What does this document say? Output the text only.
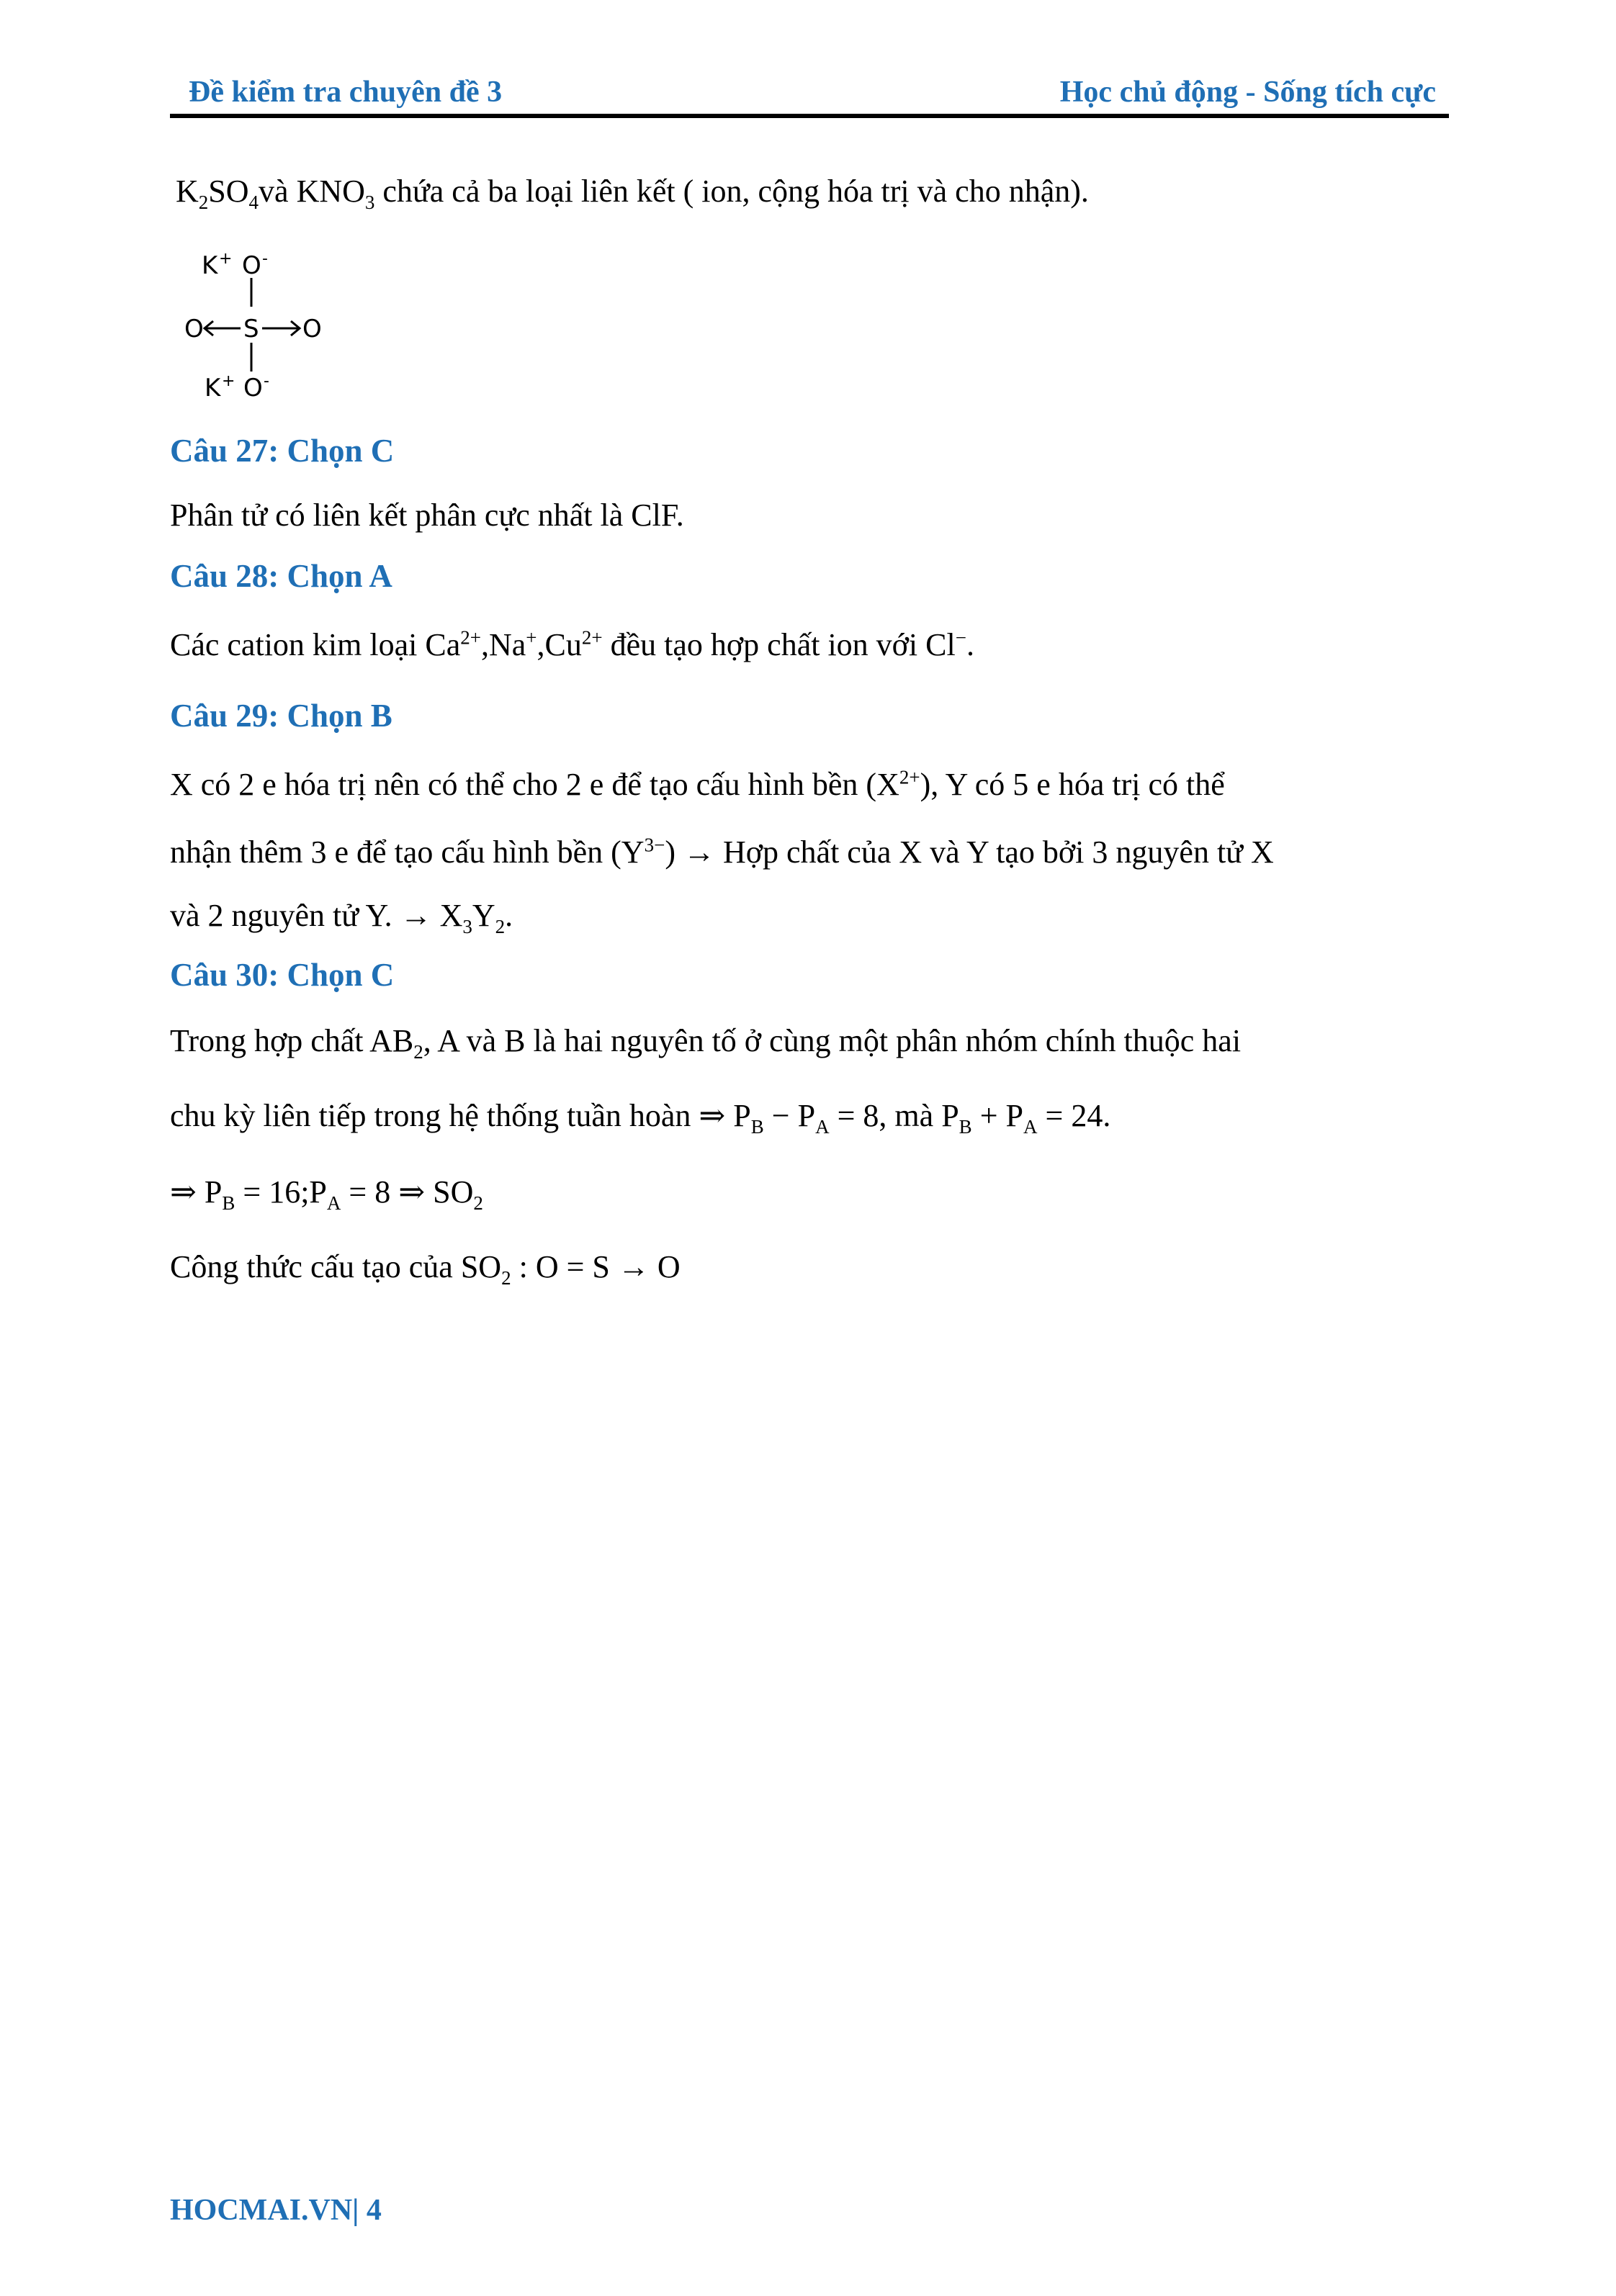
Đề kiểm tra chuyên đề 3	Học chủ động - Sống tích cực
$K_2SO_4và$ $KNO_3$ chứa cả ba loại liên kết ( ion, cộng hóa trị và cho nhận).
K + O -
O S O
K + O -
Câu 27: Chọn C
Phân tử có liên kết phân cực nhất là ClF.
Câu 28: Chọn A
Các cation kim loại $Ca^{2+},Na^+,Cu^{2+}$ đều tạo hợp chất ion với Cl−.
Câu 29: Chọn B
X có 2 e hóa trị nên có thể cho 2 e để tạo cấu hình bền $(X^{2+})$, Y có 5 e hóa trị có thể
nhận thêm 3 e để tạo cấu hình bền $(Y^{3-})$ → Hợp chất của X và Y tạo bởi 3 nguyên tử X
và 2 nguyên tử Y. → $X_3Y_2$.
Câu 30: Chọn C
Trong hợp chất $AB_2$, A và B là hai nguyên tố ở cùng một phân nhóm chính thuộc hai
chu kỳ liên tiếp trong hệ thống tuần hoàn ⇒ $P_B - P_A = 8$, mà $P_B + P_A = 24$.
⇒ $P_B$ = $16;P_A = 8$ ⇒ $SO_2$
Công thức cấu tạo của $SO_2$ : O = S → O
HOCMAI.VN| 4
